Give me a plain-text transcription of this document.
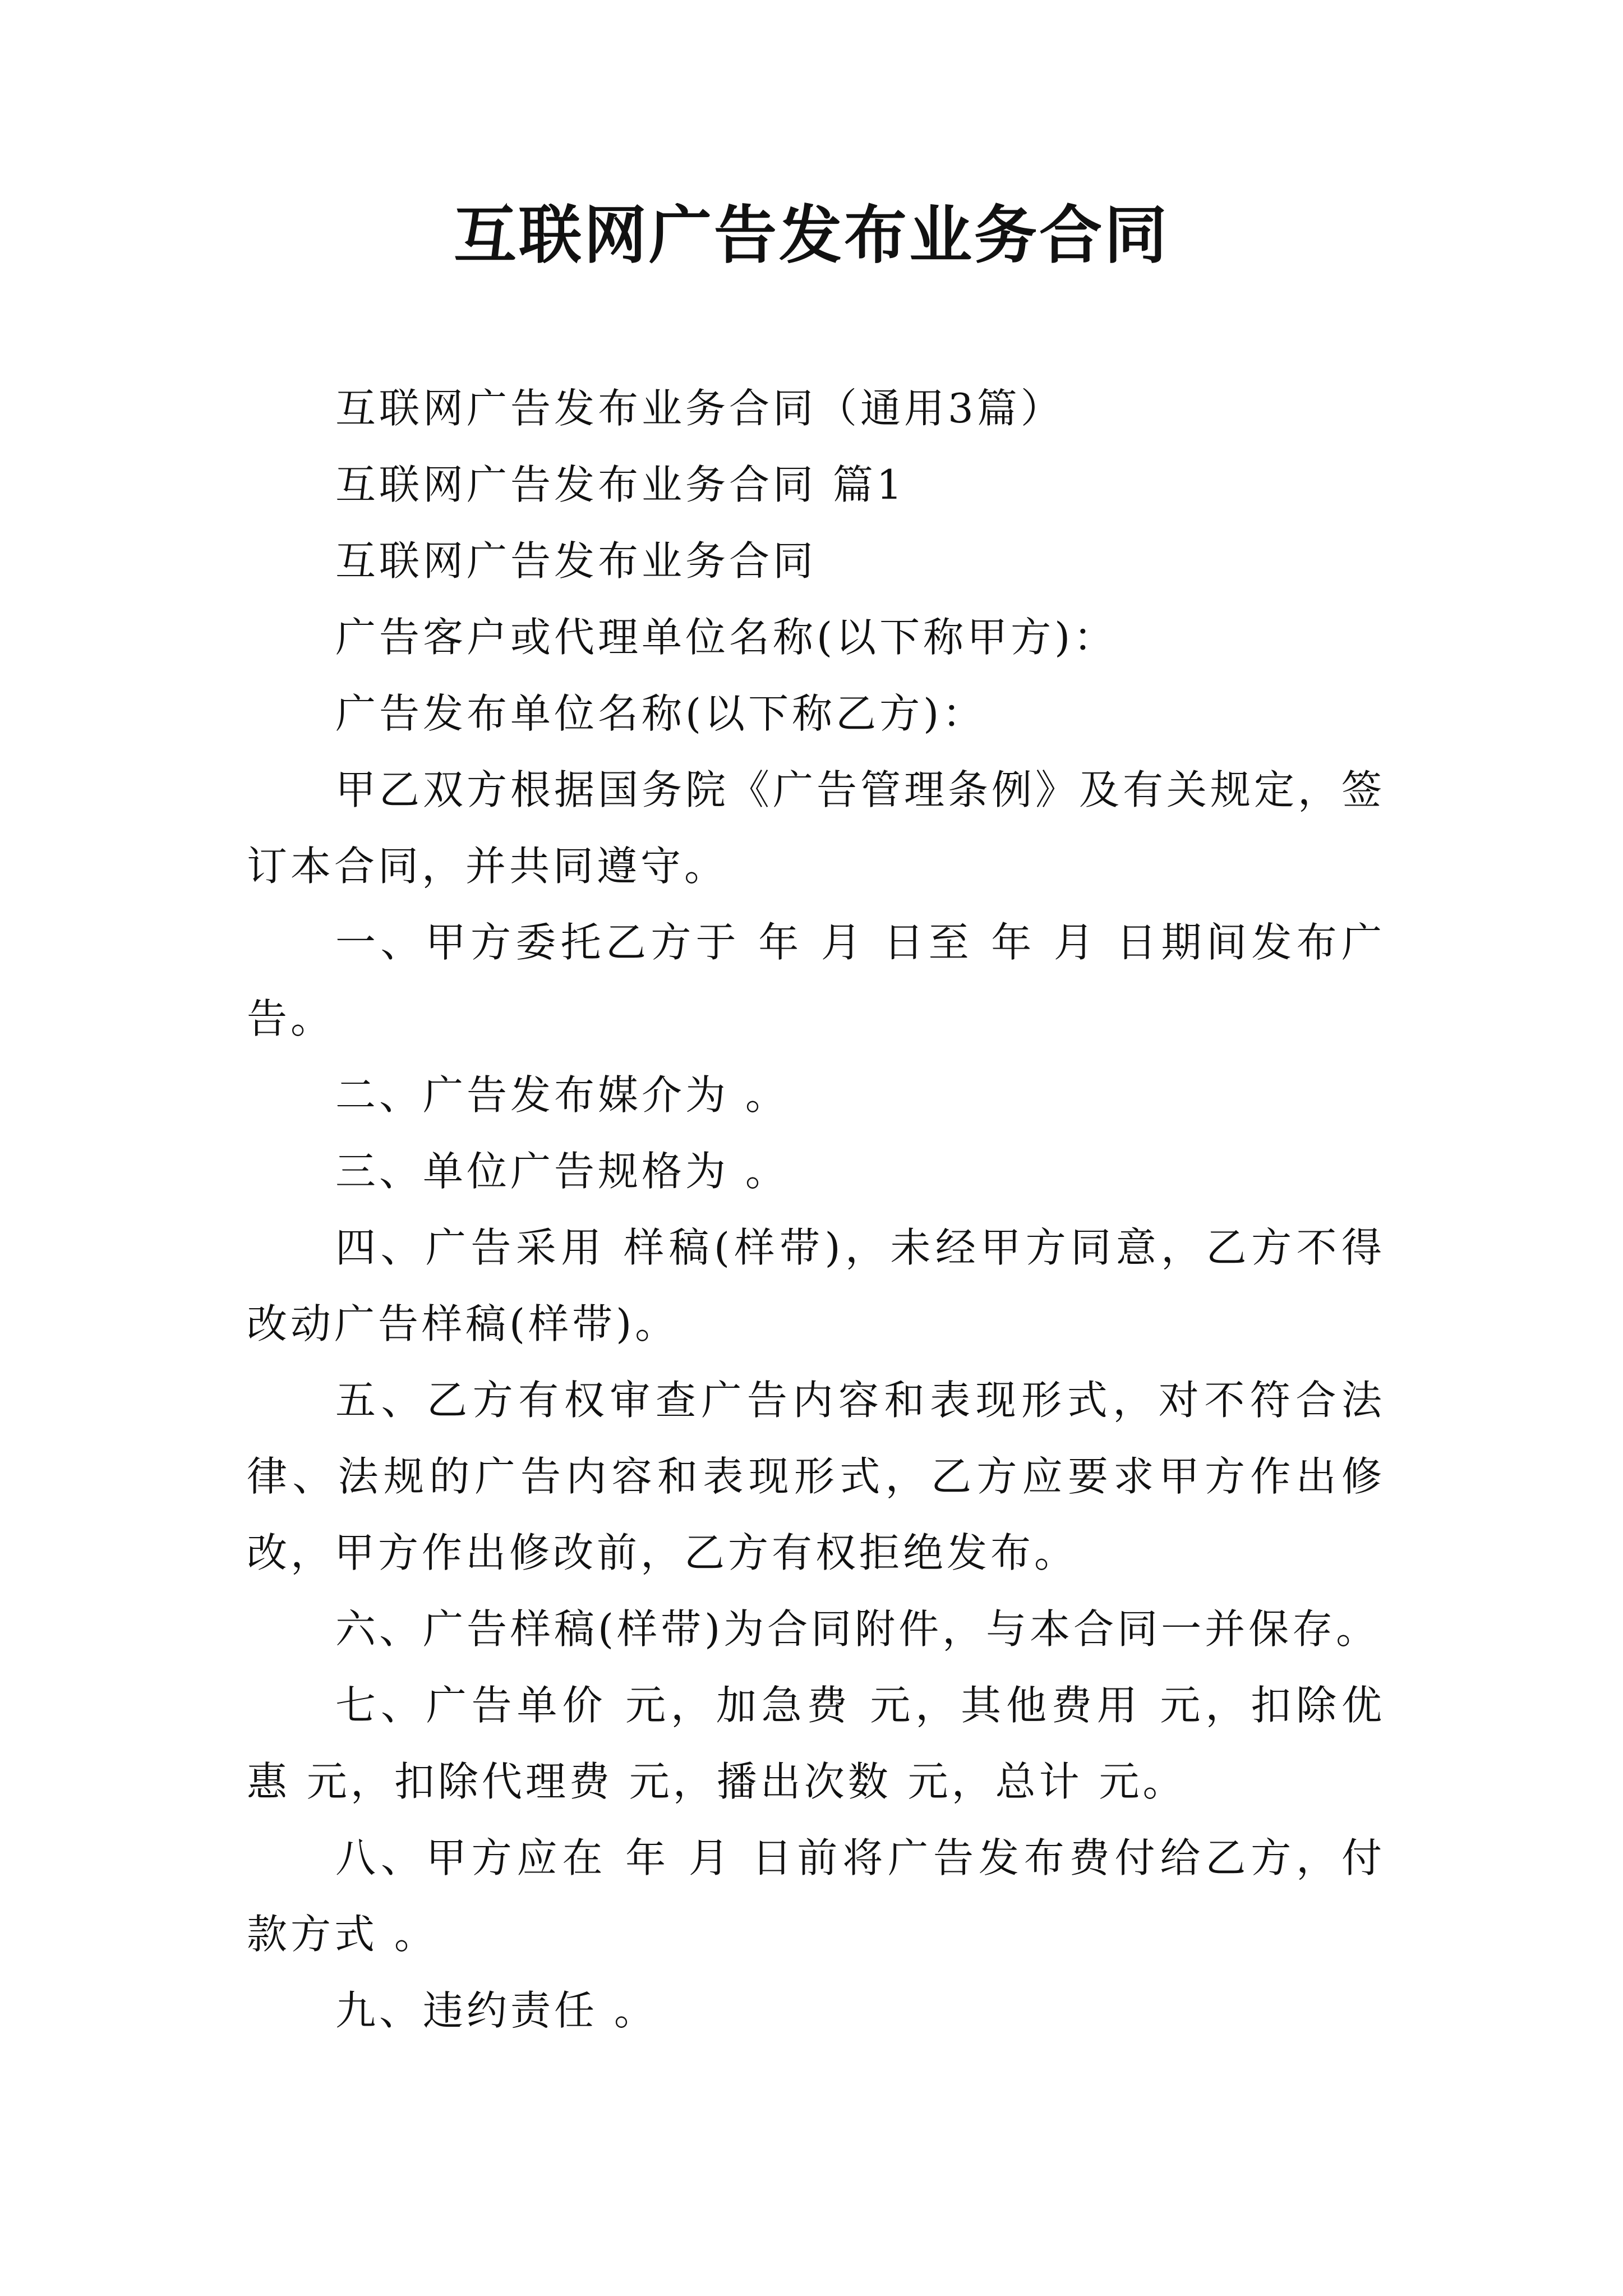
互联网广告发布业务合同

互联网广告发布业务合同（通用3篇）

互联网广告发布业务合同 篇1

互联网广告发布业务合同

广告客户或代理单位名称(以下称甲方)：

广告发布单位名称(以下称乙方)：

甲乙双方根据国务院《广告管理条例》及有关规定，签订本合同，并共同遵守。

一、甲方委托乙方于 年 月 日至 年 月 日期间发布广告。

二、广告发布媒介为 。

三、单位广告规格为 。

四、广告采用 样稿(样带)，未经甲方同意，乙方不得改动广告样稿(样带)。

五、乙方有权审查广告内容和表现形式，对不符合法律、法规的广告内容和表现形式，乙方应要求甲方作出修改，甲方作出修改前，乙方有权拒绝发布。

六、广告样稿(样带)为合同附件，与本合同一并保存。

七、广告单价 元，加急费 元，其他费用 元，扣除优惠 元，扣除代理费 元，播出次数 元，总计 元。

八、甲方应在 年 月 日前将广告发布费付给乙方，付款方式 。

九、违约责任 。
